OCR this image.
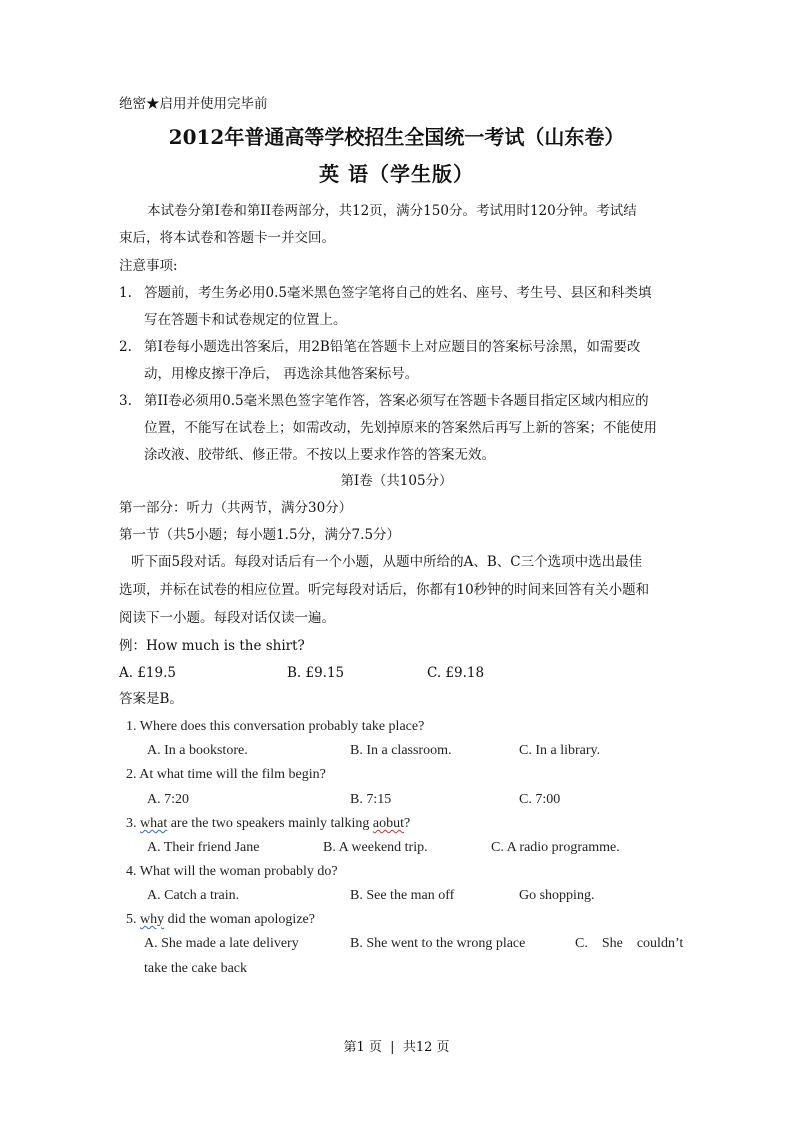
绝密★启用并使用完毕前
2012年普通高等学校招生全国统一考试（山东卷）
英 语（学生版）
本试卷分第I卷和第II卷两部分，共12页，满分150分。考试用时120分钟。考试结
束后，将本试卷和答题卡一并交回。
注意事项:
1. 答题前，考生务必用0.5毫米黑色签字笔将自己的姓名、座号、考生号、县区和科类填
写在答题卡和试卷规定的位置上。
2. 第I卷每小题选出答案后，用2B铅笔在答题卡上对应题目的答案标号涂黑，如需要改
动，用橡皮擦干净后， 再选涂其他答案标号。
3. 第II卷必须用0.5毫米黑色签字笔作答，答案必须写在答题卡各题目指定区域内相应的
位置，不能写在试卷上；如需改动，先划掉原来的答案然后再写上新的答案；不能使用
涂改液、胶带纸、修正带。不按以上要求作答的答案无效。
第I卷（共105分）
第一部分：听力（共两节，满分30分）
第一节（共5小题；每小题1.5分，满分7.5分）
听下面5段对话。每段对话后有一个小题，从题中所给的A、B、C三个选项中选出最佳
选项，并标在试卷的相应位置。听完每段对话后，你都有10秒钟的时间来回答有关小题和
阅读下一小题。每段对话仅读一遍。
例：How much is the shirt?
A. £19.5	B. £9.15	C. £9.18
答案是B。
1. Where does this conversation probably take place?
A. In a bookstore.	B. In a classroom.	C. In a library.
2. At what time will the film begin?
A. 7:20	B. 7:15	C. 7:00
3. what are the two speakers mainly talking aobut?
A. Their friend Jane	B. A weekend trip.	C. A radio programme.
4. What will the woman probably do?
A. Catch a train.	B. See the man off	Go shopping.
5. why did the woman apologize?
A. She made a late delivery	B. She went to the wrong place	C.    She    couldn’t
take the cake back
第1 页  |  共12 页
